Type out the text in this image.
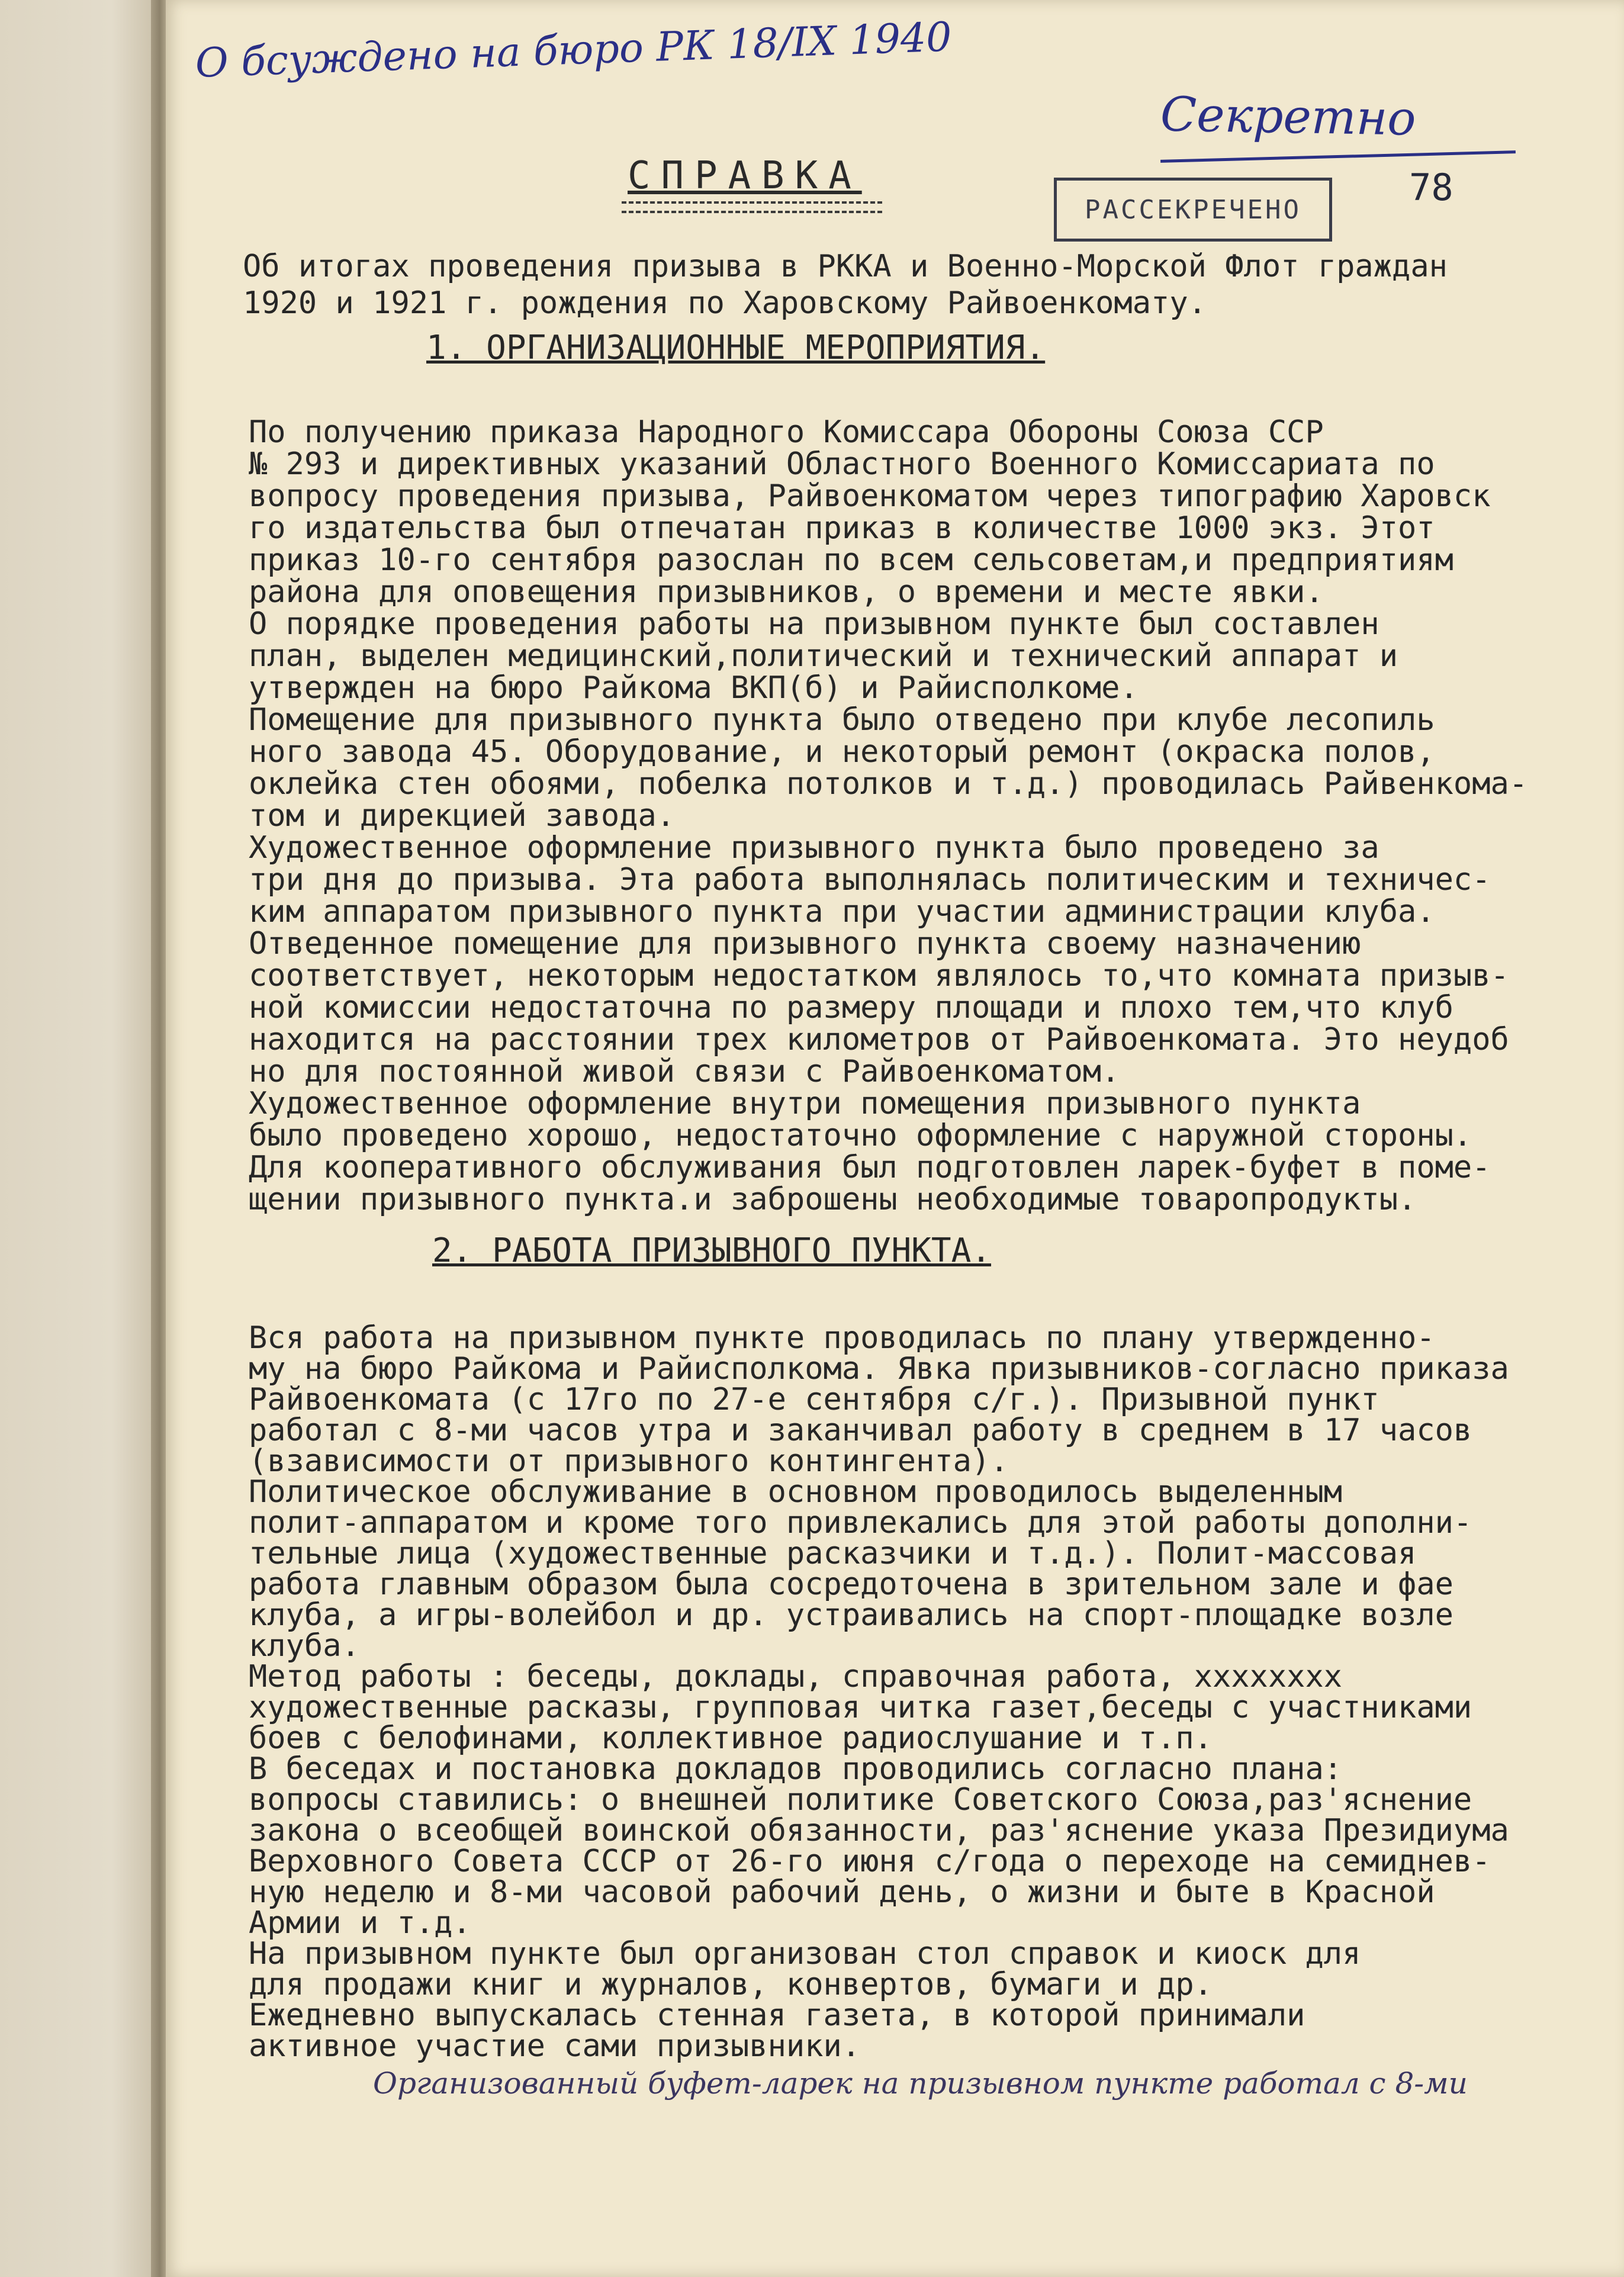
О бсуждено на бюро РК 18/IX 1940
Секретно
78
РАССЕКРЕЧЕНО
СПРАВКА
Об итогах проведения призыва в РККА и Военно-Морской Флот граждан
1920 и 1921 г. рождения по Харовскому Райвоенкомату.
1. ОРГАНИЗАЦИОННЫЕ МЕРОПРИЯТИЯ.
По получению приказа Народного Комиссара Обороны Союза ССР
№ 293 и директивных указаний Областного Военного Комиссариата по
вопросу проведения призыва, Райвоенкоматом через типографию Харовск
го издательства был отпечатан приказ в количестве 1000 экз. Этот
приказ 10-го сентября разослан по всем сельсоветам,и предприятиям
района для оповещения призывников, о времени и месте явки.
О порядке проведения работы на призывном пункте был составлен
план, выделен медицинский,политический и технический аппарат и
утвержден на бюро Райкома ВКП(б) и Райисполкоме.
Помещение для призывного пункта было отведено при клубе лесопиль
ного завода 45. Оборудование, и некоторый ремонт (окраска полов,
оклейка стен обоями, побелка потолков и т.д.) проводилась Райвенкома-
том и дирекцией завода.
Художественное оформление призывного пункта было проведено за
три дня до призыва. Эта работа выполнялась политическим и техничес-
ким аппаратом призывного пункта при участии администрации клуба.
Отведенное помещение для призывного пункта своему назначению
соответствует, некоторым недостатком являлось то,что комната призыв-
ной комиссии недостаточна по размеру площади и плохо тем,что клуб
находится на расстоянии трех километров от Райвоенкомата. Это неудоб
но для постоянной живой связи с Райвоенкоматом.
Художественное оформление внутри помещения призывного пункта
было проведено хорошо, недостаточно оформление с наружной стороны.
Для кооперативного обслуживания был подготовлен ларек-буфет в поме-
щении призывного пункта.и заброшены необходимые товаропродукты.
2. РАБОТА ПРИЗЫВНОГО ПУНКТА.
Вся работа на призывном пункте проводилась по плану утвержденно-
му на бюро Райкома и Райисполкома. Явка призывников-согласно приказа
Райвоенкомата (с 17го по 27-е сентября с/г.). Призывной пункт
работал с 8-ми часов утра и заканчивал работу в среднем в 17 часов
(взависимости от призывного контингента).
Политическое обслуживание в основном проводилось выделенным
полит-аппаратом и кроме того привлекались для этой работы дополни-
тельные лица (художественные расказчики и т.д.). Полит-массовая
работа главным образом была сосредоточена в зрительном зале и фае
клуба, а игры-волейбол и др. устраивались на спорт-площадке возле
клуба.
Метод работы : беседы, доклады, справочная работа, хххххххх
художественные расказы, групповая читка газет,беседы с участниками
боев с белофинами, коллективное радиослушание и т.п.
В беседах и постановка докладов проводились согласно плана:
вопросы ставились: о внешней политике Советского Союза,раз'яснение
закона о всеобщей воинской обязанности, раз'яснение указа Президиума
Верховного Совета СССР от 26-го июня с/года о переходе на семиднев-
ную неделю и 8-ми часовой рабочий день, о жизни и быте в Красной
Армии и т.д.
На призывном пункте был организован стол справок и киоск для
для продажи книг и журналов, конвертов, бумаги и др.
Ежедневно выпускалась стенная газета, в которой принимали
активное участие сами призывники.
Организованный буфет-ларек на призывном пункте работал с 8-ми
